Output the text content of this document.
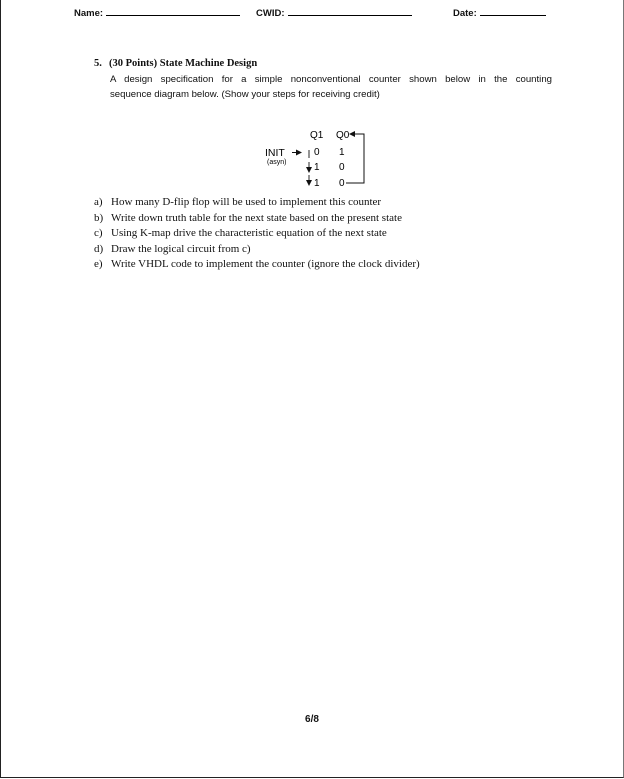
Name:	CWID:	Date:
5. (30 Points) State Machine Design
A design specification for a simple nonconventional counter shown below in the counting
sequence diagram below. (Show your steps for receiving credit)
Q1 Q0
INIT
(asyn)
0 1
1 0
1 0
a) How many D-flip flop will be used to implement this counter
b) Write down truth table for the next state based on the present state
c) Using K-map drive the characteristic equation of the next state
d) Draw the logical circuit from c)
e) Write VHDL code to implement the counter (ignore the clock divider)
6/8
